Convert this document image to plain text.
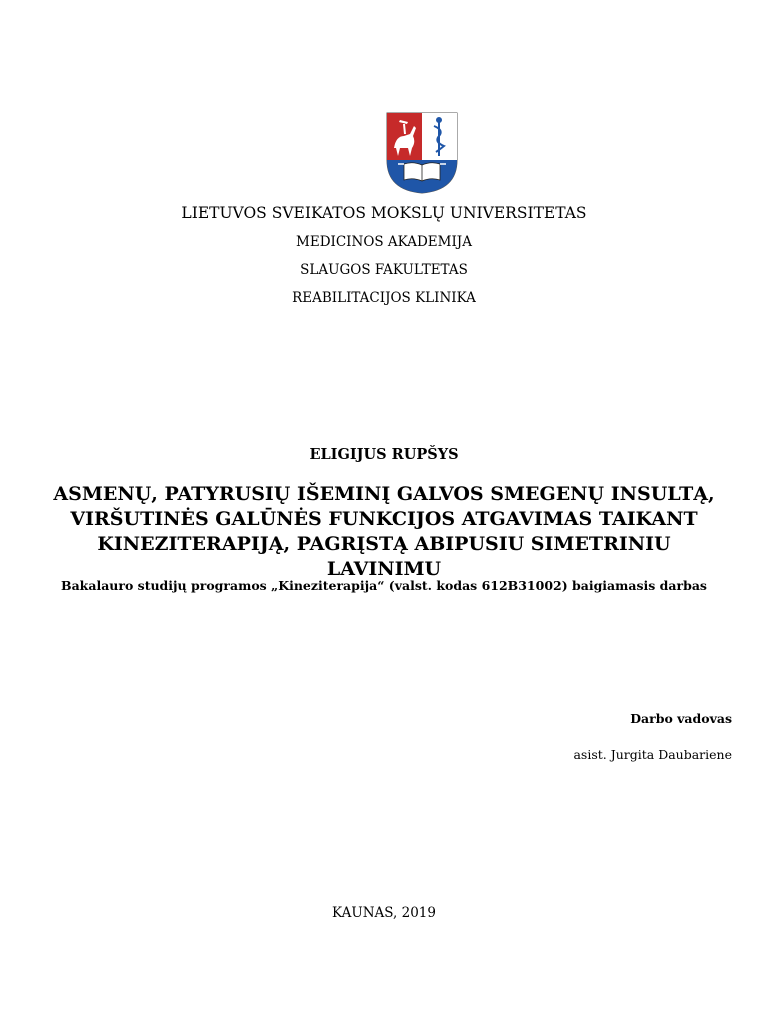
LIETUVOS SVEIKATOS MOKSLŲ UNIVERSITETAS
MEDICINOS AKADEMIJA
SLAUGOS FAKULTETAS
REABILITACIJOS KLINIKA
ELIGIJUS RUPŠYS
ASMENŲ, PATYRUSIŲ IŠEMINĮ GALVOS SMEGENŲ INSULTĄ,
VIRŠUTINĖS GALŪNĖS FUNKCIJOS ATGAVIMAS TAIKANT
KINEZITERAPIJĄ, PAGRĮSTĄ ABIPUSIU SIMETRINIU
LAVINIMU
Bakalauro studijų programos „Kineziterapija“ (valst. kodas 612B31002) baigiamasis darbas
Darbo vadovas
asist. Jurgita Daubariene
KAUNAS, 2019
